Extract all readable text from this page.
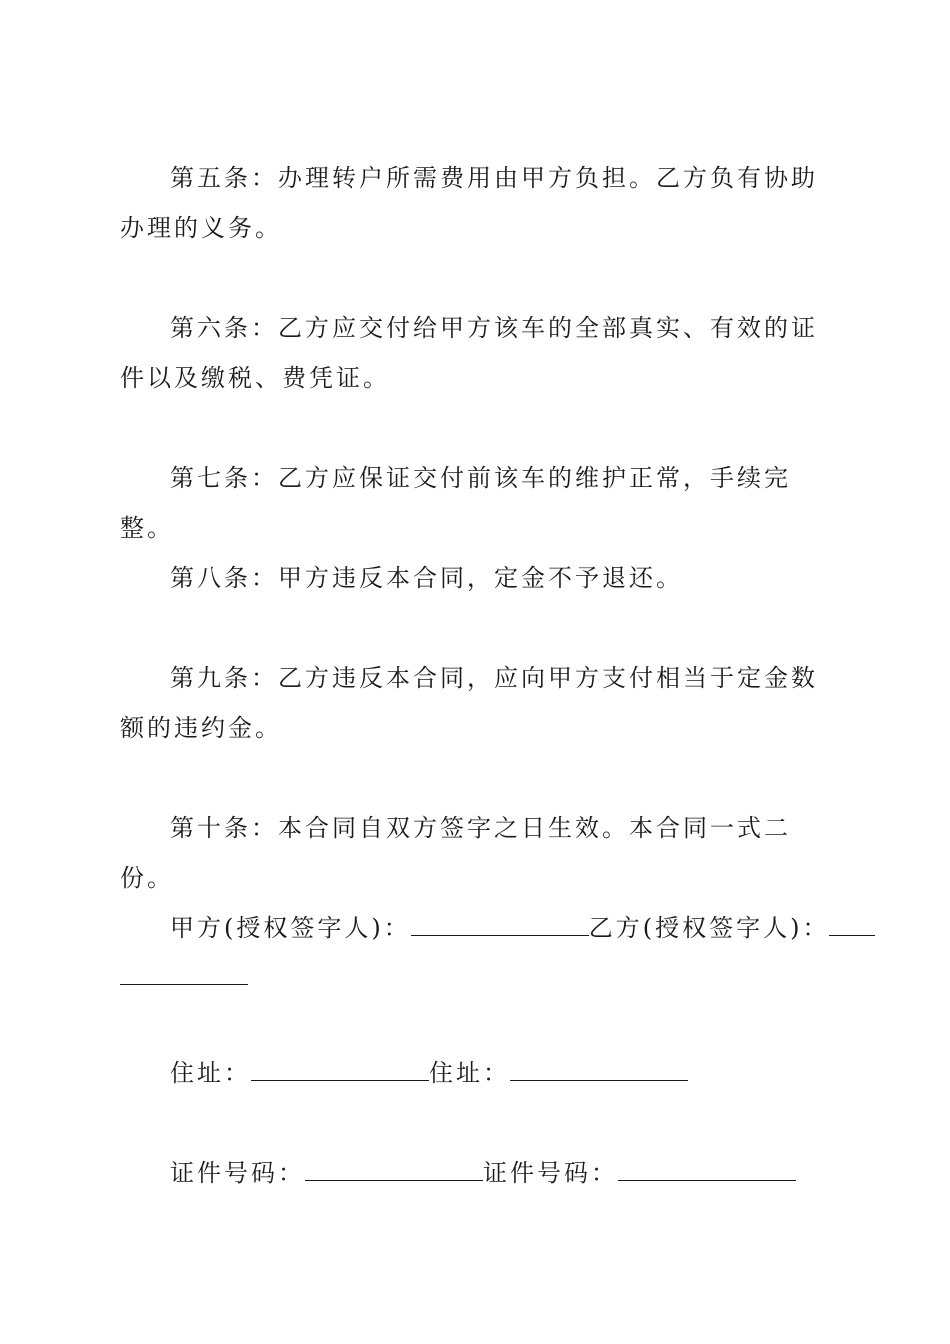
第五条：办理转户所需费用由甲方负担。乙方负有协助办理的义务。
第六条：乙方应交付给甲方该车的全部真实、有效的证件以及缴税、费凭证。
第七条：乙方应保证交付前该车的维护正常，手续完整。
第八条：甲方违反本合同，定金不予退还。
第九条：乙方违反本合同，应向甲方支付相当于定金数额的违约金。
第十条：本合同自双方签字之日生效。本合同一式二份。
甲方(授权签字人)：	乙方(授权签字人)：
住址：	住址：
证件号码：	证件号码：
